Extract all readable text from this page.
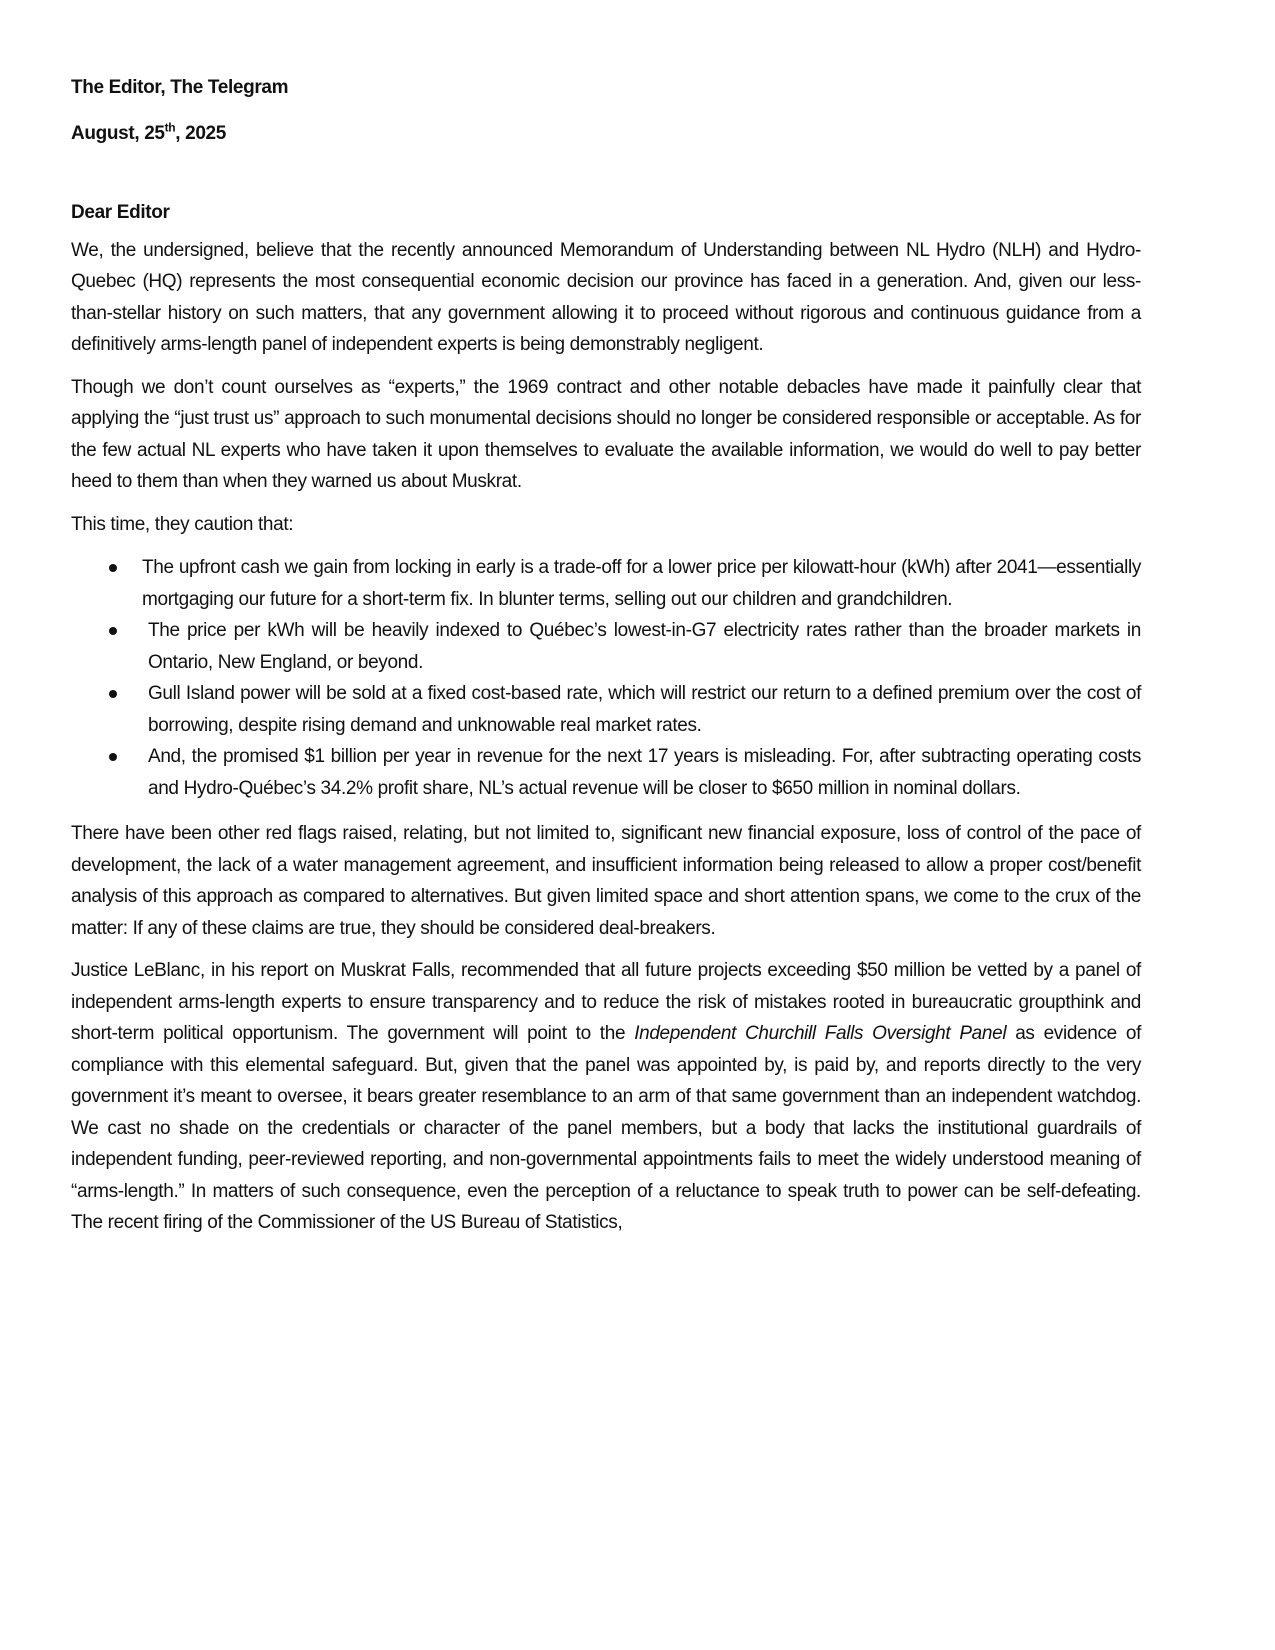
The Editor, The Telegram

August, 25th, 2025

Dear Editor

We, the undersigned, believe that the recently announced Memorandum of Understanding between NL Hydro (NLH) and Hydro-Quebec (HQ) represents the most consequential economic decision our province has faced in a generation. And, given our less-than-stellar history on such matters, that any government allowing it to proceed without rigorous and continuous guidance from a definitively arms-length panel of independent experts is being demonstrably negligent.

Though we don’t count ourselves as “experts,” the 1969 contract and other notable debacles have made it painfully clear that applying the “just trust us” approach to such monumental decisions should no longer be considered responsible or acceptable. As for the few actual NL experts who have taken it upon themselves to evaluate the available information, we would do well to pay better heed to them than when they warned us about Muskrat.

This time, they caution that:

The upfront cash we gain from locking in early is a trade-off for a lower price per kilowatt-hour (kWh) after 2041—essentially mortgaging our future for a short-term fix. In blunter terms, selling out our children and grandchildren.
The price per kWh will be heavily indexed to Québec’s lowest-in-G7 electricity rates rather than the broader markets in Ontario, New England, or beyond.
Gull Island power will be sold at a fixed cost-based rate, which will restrict our return to a defined premium over the cost of borrowing, despite rising demand and unknowable real market rates.
And, the promised $1 billion per year in revenue for the next 17 years is misleading. For, after subtracting operating costs and Hydro-Québec’s 34.2% profit share, NL’s actual revenue will be closer to $650 million in nominal dollars.

There have been other red flags raised, relating, but not limited to, significant new financial exposure, loss of control of the pace of development, the lack of a water management agreement, and insufficient information being released to allow a proper cost/benefit analysis of this approach as compared to alternatives. But given limited space and short attention spans, we come to the crux of the matter: If any of these claims are true, they should be considered deal-breakers.

Justice LeBlanc, in his report on Muskrat Falls, recommended that all future projects exceeding $50 million be vetted by a panel of independent arms-length experts to ensure transparency and to reduce the risk of mistakes rooted in bureaucratic groupthink and short-term political opportunism. The government will point to the Independent Churchill Falls Oversight Panel as evidence of compliance with this elemental safeguard. But, given that the panel was appointed by, is paid by, and reports directly to the very government it’s meant to oversee, it bears greater resemblance to an arm of that same government than an independent watchdog. We cast no shade on the credentials or character of the panel members, but a body that lacks the institutional guardrails of independent funding, peer-reviewed reporting, and non-governmental appointments fails to meet the widely understood meaning of “arms-length.” In matters of such consequence, even the perception of a reluctance to speak truth to power can be self-defeating. The recent firing of the Commissioner of the US Bureau of Statistics,
